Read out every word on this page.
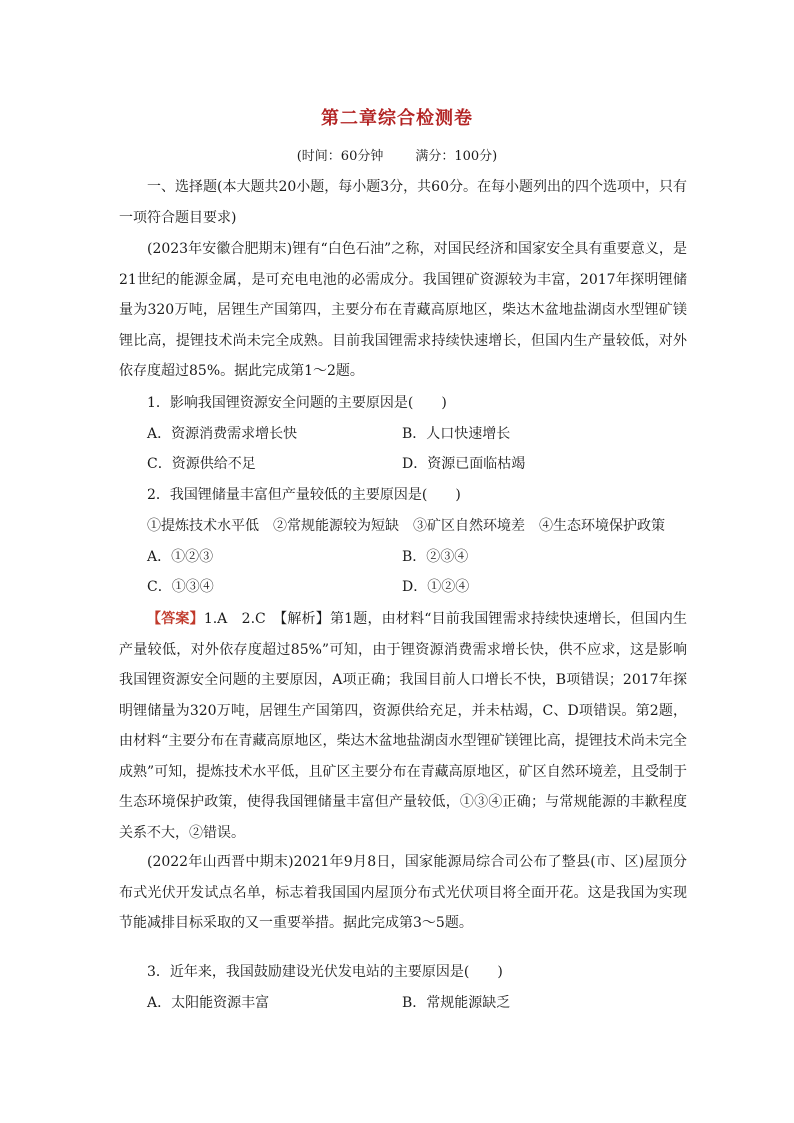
第二章综合检测卷
(时间：60分钟 满分：100分)
一、选择题(本大题共20小题，每小题3分，共60分。在每小题列出的四个选项中，只有一项符合题目要求)
(2023年安徽合肥期末)锂有“白色石油”之称，对国民经济和国家安全具有重要意义，是21世纪的能源金属，是可充电电池的必需成分。我国锂矿资源较为丰富，2017年探明锂储量为320万吨，居锂生产国第四，主要分布在青藏高原地区，柴达木盆地盐湖卤水型锂矿镁锂比高，提锂技术尚未完全成熟。目前我国锂需求持续快速增长，但国内生产量较低，对外依存度超过85%。据此完成第1～2题。
1．影响我国锂资源安全问题的主要原因是(　　)
A．资源消费需求增长快	B．人口快速增长
C．资源供给不足	D．资源已面临枯竭
2．我国锂储量丰富但产量较低的主要原因是(　　)
①提炼技术水平低　②常规能源较为短缺　③矿区自然环境差　④生态环境保护政策
A．①②③	B．②③④
C．①③④	D．①②④
【答案】1.A　2.C　【解析】第1题，由材料“目前我国锂需求持续快速增长，但国内生产量较低，对外依存度超过85%”可知，由于锂资源消费需求增长快，供不应求，这是影响我国锂资源安全问题的主要原因，A项正确；我国目前人口增长不快，B项错误；2017年探明锂储量为320万吨，居锂生产国第四，资源供给充足，并未枯竭，C、D项错误。第2题，由材料“主要分布在青藏高原地区，柴达木盆地盐湖卤水型锂矿镁锂比高，提锂技术尚未完全成熟”可知，提炼技术水平低，且矿区主要分布在青藏高原地区，矿区自然环境差，且受制于生态环境保护政策，使得我国锂储量丰富但产量较低，①③④正确；与常规能源的丰歉程度关系不大，②错误。
(2022年山西晋中期末)2021年9月8日，国家能源局综合司公布了整县(市、区)屋顶分布式光伏开发试点名单，标志着我国国内屋顶分布式光伏项目将全面开花。这是我国为实现节能减排目标采取的又一重要举措。据此完成第3～5题。
3．近年来，我国鼓励建设光伏发电站的主要原因是(　　)
A．太阳能资源丰富	B．常规能源缺乏
